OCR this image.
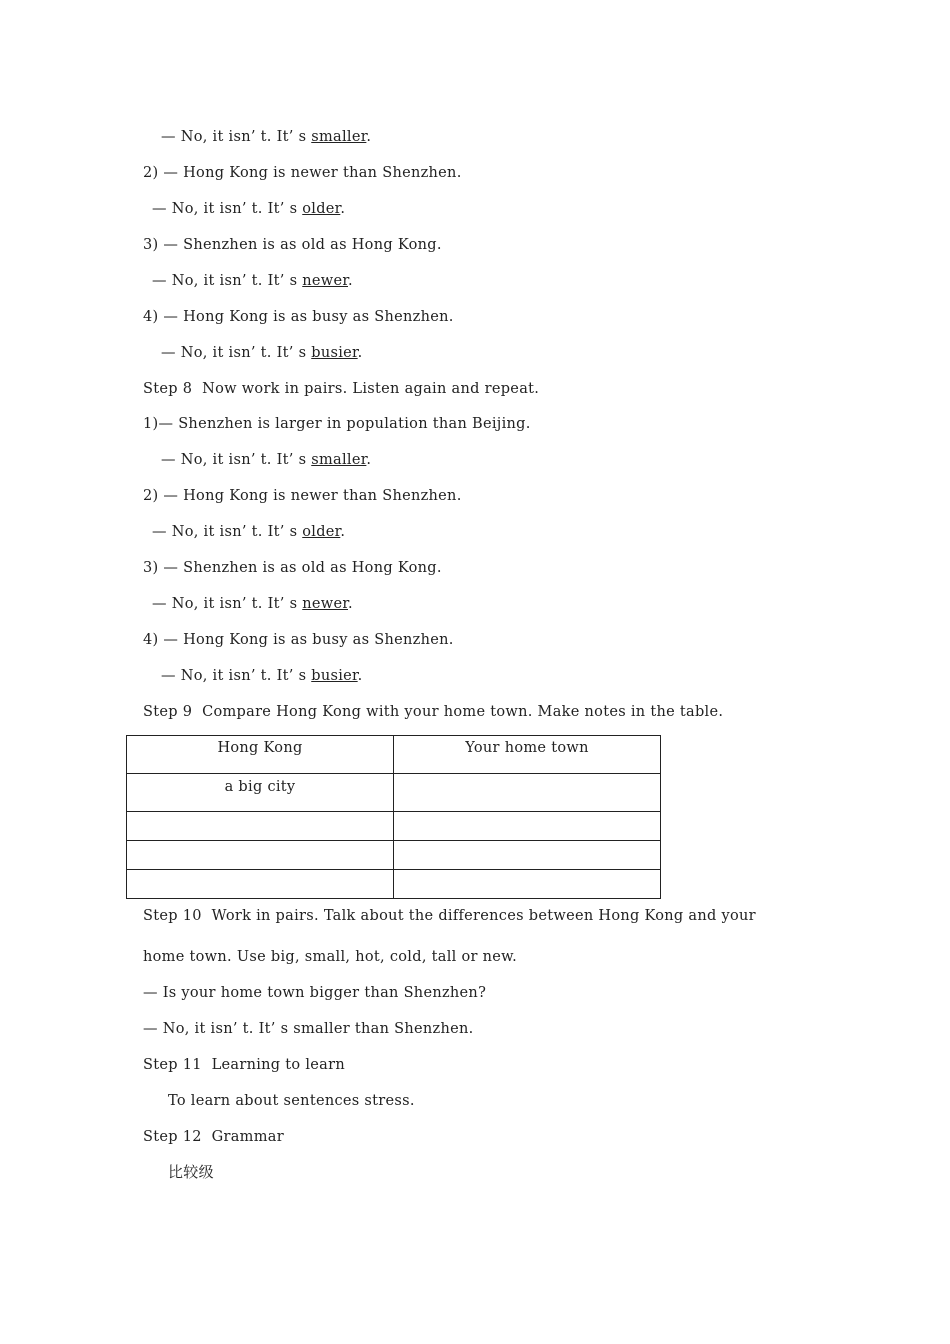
— No, it isn’ t. It’ s smaller.
2) — Hong Kong is newer than Shenzhen.
— No, it isn’ t. It’ s older.
3) — Shenzhen is as old as Hong Kong.
— No, it isn’ t. It’ s newer.
4) — Hong Kong is as busy as Shenzhen.
— No, it isn’ t. It’ s busier.
Step 8  Now work in pairs. Listen again and repeat.
1)— Shenzhen is larger in population than Beijing.
— No, it isn’ t. It’ s smaller.
2) — Hong Kong is newer than Shenzhen.
— No, it isn’ t. It’ s older.
3) — Shenzhen is as old as Hong Kong.
— No, it isn’ t. It’ s newer.
4) — Hong Kong is as busy as Shenzhen.
— No, it isn’ t. It’ s busier.
Step 9  Compare Hong Kong with your home town. Make notes in the table.
Hong Kong	Your home town
a big city	

Step 10  Work in pairs. Talk about the differences between Hong Kong and your
home town. Use big, small, hot, cold, tall or new.
— Is your home town bigger than Shenzhen?
— No, it isn’ t. It’ s smaller than Shenzhen.
Step 11  Learning to learn
To learn about sentences stress.
Step 12  Grammar
比较级
